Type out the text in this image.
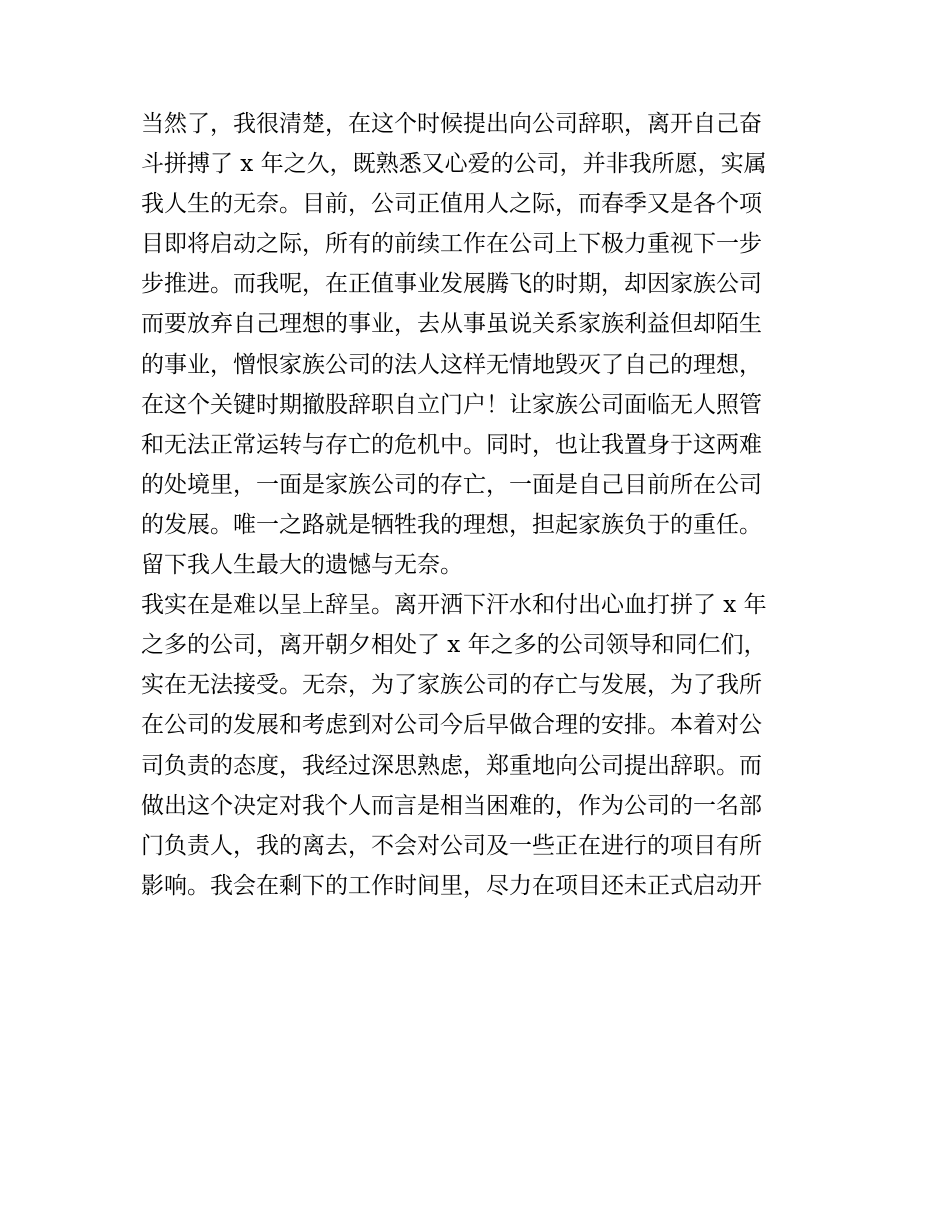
当然了，我很清楚，在这个时候提出向公司辞职，离开自己奋
斗拼搏了 x 年之久，既熟悉又心爱的公司，并非我所愿，实属
我人生的无奈。目前，公司正值用人之际，而春季又是各个项
目即将启动之际，所有的前续工作在公司上下极力重视下一步
步推进。而我呢，在正值事业发展腾飞的时期，却因家族公司
而要放弃自己理想的事业，去从事虽说关系家族利益但却陌生
的事业，憎恨家族公司的法人这样无情地毁灭了自己的理想，
在这个关键时期撤股辞职自立门户！让家族公司面临无人照管
和无法正常运转与存亡的危机中。同时，也让我置身于这两难
的处境里，一面是家族公司的存亡，一面是自己目前所在公司
的发展。唯一之路就是牺牲我的理想，担起家族负于的重任。
留下我人生最大的遗憾与无奈。
我实在是难以呈上辞呈。离开洒下汗水和付出心血打拼了 x 年
之多的公司，离开朝夕相处了 x 年之多的公司领导和同仁们，
实在无法接受。无奈，为了家族公司的存亡与发展，为了我所
在公司的发展和考虑到对公司今后早做合理的安排。本着对公
司负责的态度，我经过深思熟虑，郑重地向公司提出辞职。而
做出这个决定对我个人而言是相当困难的，作为公司的一名部
门负责人，我的离去，不会对公司及一些正在进行的项目有所
影响。我会在剩下的工作时间里，尽力在项目还未正式启动开
